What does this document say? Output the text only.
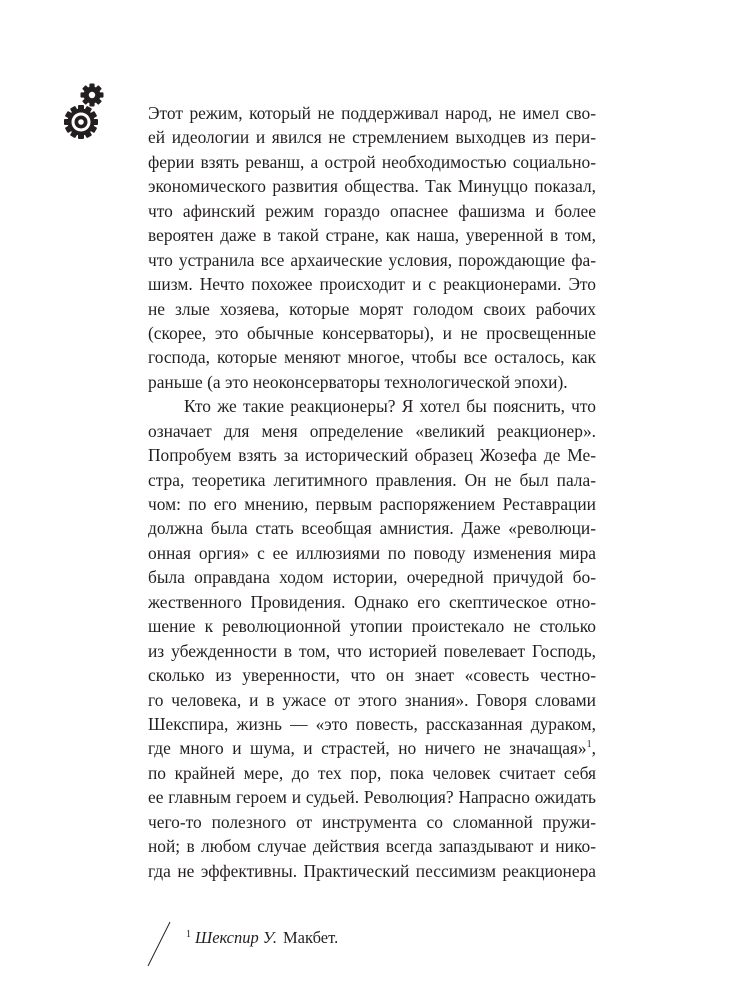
Этот режим, который не поддерживал народ, не имел сво-
ей идеологии и явился не стремлением выходцев из пери-
ферии взять реванш, а острой необходимостью социально-
экономического развития общества. Так Минуццо показал,
что афинский режим гораздо опаснее фашизма и более
вероятен даже в такой стране, как наша, уверенной в том,
что устранила все архаические условия, порождающие фа-
шизм. Нечто похожее происходит и с реакционерами. Это
не злые хозяева, которые морят голодом своих рабочих
(скорее, это обычные консерваторы), и не просвещенные
господа, которые меняют многое, чтобы все осталось, как
раньше (а это неоконсерваторы технологической эпохи).
Кто же такие реакционеры? Я хотел бы пояснить, что
означает для меня определение «великий реакционер».
Попробуем взять за исторический образец Жозефа де Ме-
стра, теоретика легитимного правления. Он не был пала-
чом: по его мнению, первым распоряжением Реставрации
должна была стать всеобщая амнистия. Даже «революци-
онная оргия» с ее иллюзиями по поводу изменения мира
была оправдана ходом истории, очередной причудой бо-
жественного Провидения. Однако его скептическое отно-
шение к революционной утопии проистекало не столько
из убежденности в том, что историей повелевает Господь,
сколько из уверенности, что он знает «совесть честно-
го человека, и в ужасе от этого знания». Говоря словами
Шекспира, жизнь — «это повесть, рассказанная дураком,
где много и шума, и страстей, но ничего не значащая»$^1$,
по крайней мере, до тех пор, пока человек считает себя
ее главным героем и судьей. Революция? Напрасно ожидать
чего-то полезного от инструмента со сломанной пружи-
ной; в любом случае действия всегда запаздывают и нико-
гда не эффективны. Практический пессимизм реакционера
$^1$ Шекспир У. Макбет.
